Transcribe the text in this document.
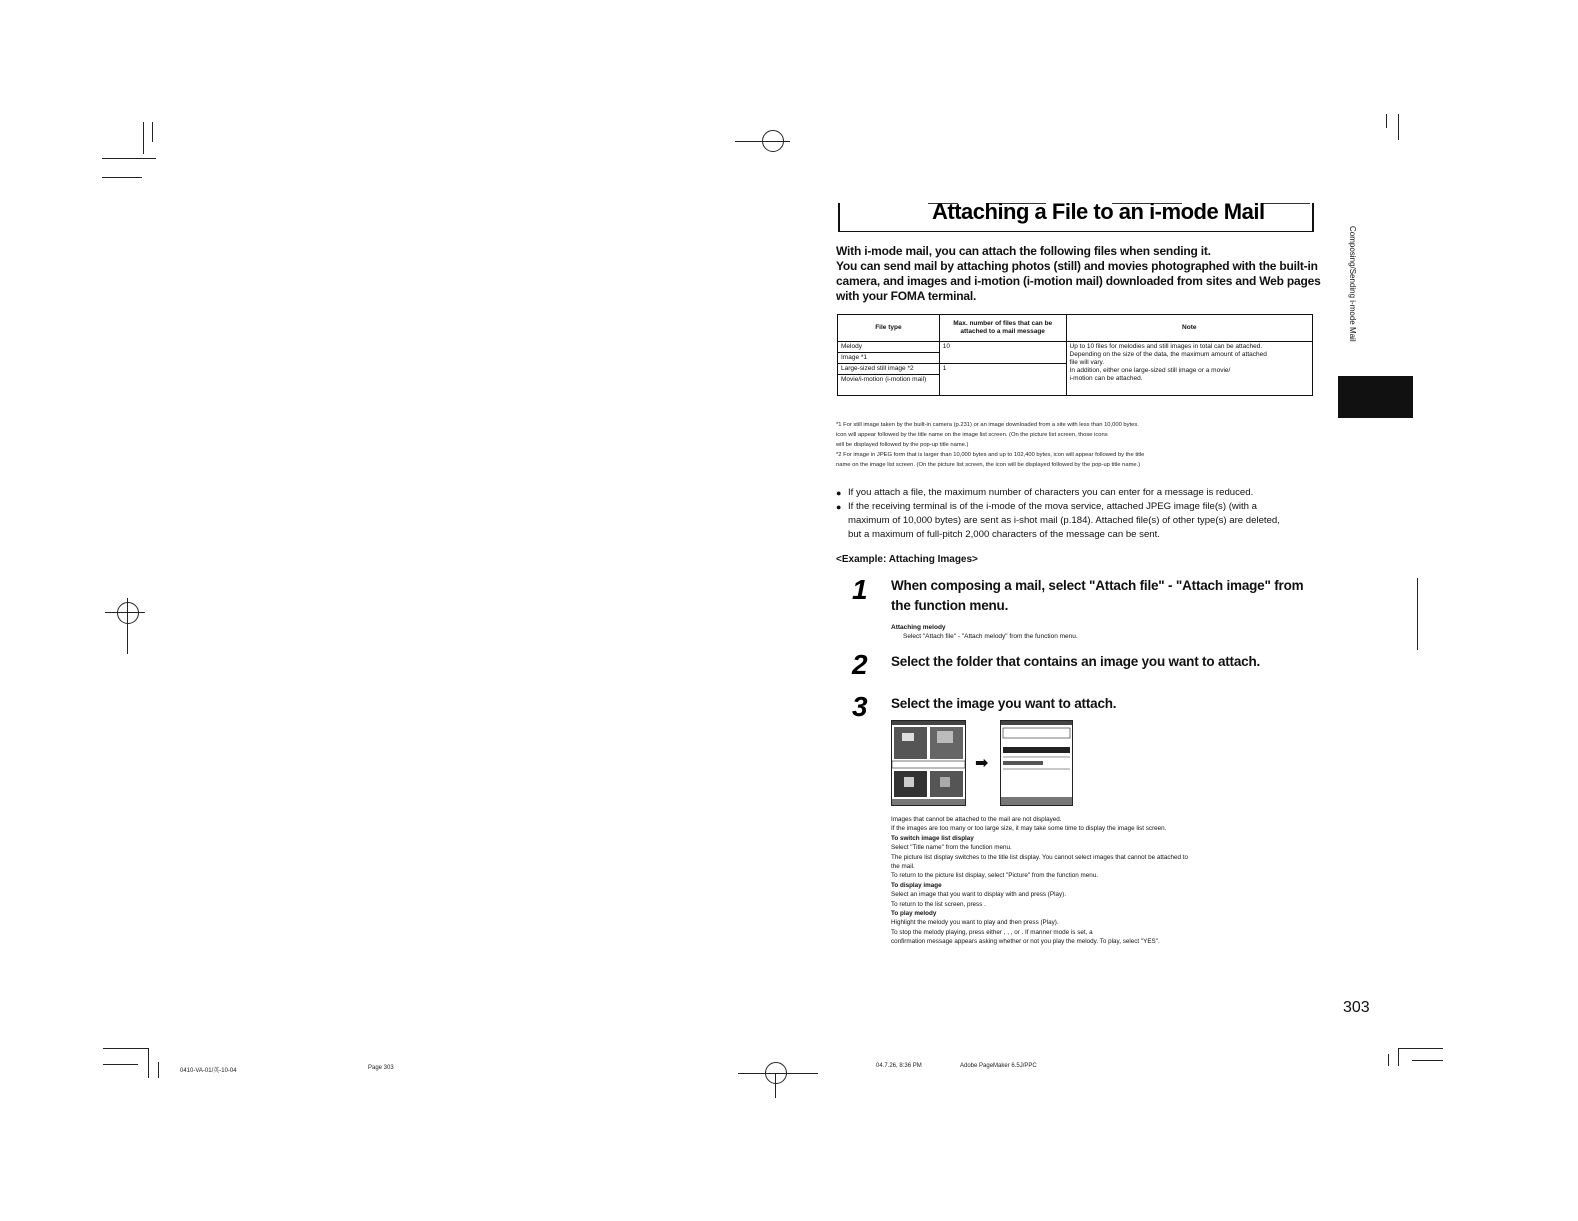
Attaching a File to an i-mode Mail
With i-mode mail, you can attach the following files when sending it.
You can send mail by attaching photos (still) and movies photographed with the built-in
camera, and images and i-motion (i-motion mail) downloaded from sites and Web pages
with your FOMA terminal.
File type	Max. number of files that can be attached to a mail message	Note
Melody	10	Up to 10 files for melodies and still images in total can be attached.
Depending on the size of the data, the maximum amount of attached
file will vary.
In addition, either one large-sized still image or a movie/
i-motion can be attached.

Image *1		
Large-sized still image *2	1	
Movie/i-motion (i-motion mail)		
*1 For still image taken by the built-in camera (p.231) or an image downloaded from a site with less than 10,000 bytes.
icon will appear followed by the title name on the image list screen. (On the picture list screen, those icons
will be displayed followed by the pop-up title name.)
*2 For image in JPEG form that is larger than 10,000 bytes and up to 102,400 bytes, icon will appear followed by the title
name on the image list screen. (On the picture list screen, the icon will be displayed followed by the pop-up title name.)
● If you attach a file, the maximum number of characters you can enter for a message is reduced.
● If the receiving terminal is of the i-mode of the mova service, attached JPEG image file(s) (with a
maximum of 10,000 bytes) are sent as i-shot mail (p.184). Attached file(s) of other type(s) are deleted,
but a maximum of full-pitch 2,000 characters of the message can be sent.
<Example: Attaching Images>
1 When composing a mail, select "Attach file" - "Attach image" from
the function menu.
Attaching melody
Select "Attach file" - "Attach melody" from the function menu.
2 Select the folder that contains an image you want to attach.
3 Select the image you want to attach.
➡
Images that cannot be attached to the mail are not displayed.
If the images are too many or too large size, it may take some time to display the image list screen.
To switch image list display
Select "Title name" from the function menu.
The picture list display switches to the title list display. You cannot select images that cannot be attached to
the mail.
To return to the picture list display, select "Picture" from the function menu.
To display image
Select an image that you want to display with and press (Play).
To return to the list screen, press .
To play melody
Highlight the melody you want to play and then press (Play).
To stop the melody playing, press either , , , or . If manner mode is set, a
confirmation message appears asking whether or not you play the melody. To play, select "YES".
Composing/Sending i-mode Mail
303
0410-VA-01/英-10-04	Page 303	04.7.26, 8:36 PM	Adobe PageMaker 6.5J/PPC
